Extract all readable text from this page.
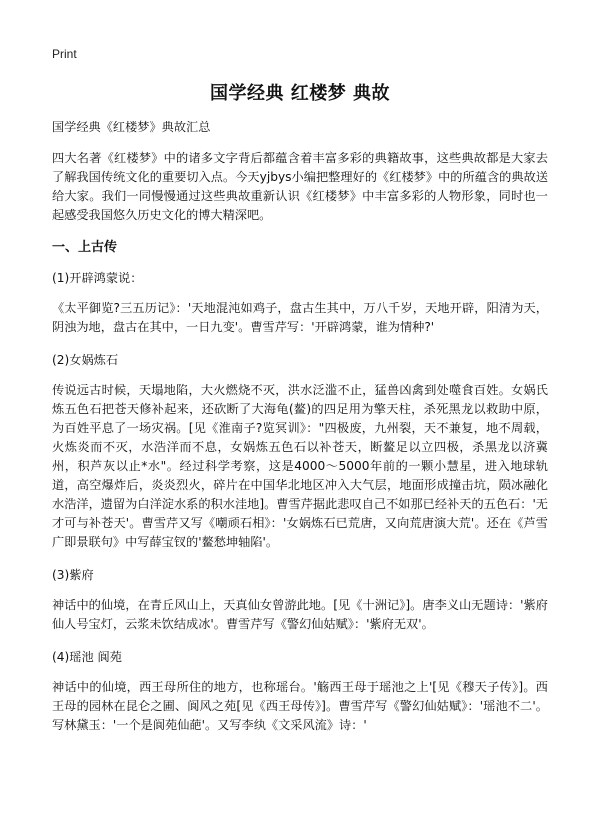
Print
国学经典 红楼梦 典故

国学经典《红楼梦》典故汇总

四大名著《红楼梦》中的诸多文字背后都蕴含着丰富多彩的典籍故事，这些典故都是大家去了解我国传统文化的重要切入点。今天yjbys小编把整理好的《红楼梦》中的所蕴含的典故送给大家。我们一同慢慢通过这些典故重新认识《红楼梦》中丰富多彩的人物形象，同时也一起感受我国悠久历史文化的博大精深吧。

一、上古传
(1)开辟鸿蒙说：

《太平御览?三五历记》：'天地混沌如鸡子，盘古生其中，万八千岁，天地开辟，阳清为天，阴浊为地，盘古在其中，一日九变'。曹雪芹写：'开辟鸿蒙，谁为情种?'

(2)女娲炼石

传说远古时候，天塌地陷，大火燃烧不灭，洪水泛滥不止，猛兽凶禽到处噬食百姓。女娲氏炼五色石把苍天修补起来，还砍断了大海龟(鳌)的四足用为擎天柱，杀死黑龙以救助中原，为百姓平息了一场灾祸。[见《淮南子?览冥训》："四极废，九州裂，天不兼复，地不周载，火炼炎而不灭，水浩洋而不息，女娲炼五色石以补苍天，断鳌足以立四极，杀黑龙以济冀州，积芦灰以止*水"。经过科学考察，这是4000～5000年前的一颗小慧星，进入地球轨道，高空爆炸后，炎炎烈火，碎片在中国华北地区冲入大气层，地面形成撞击坑，陨冰融化水浩洋，遗留为白洋淀水系的积水洼地]。曹雪芹据此悲叹自己不如那已经补天的五色石：'无才可与补苍天'。曹雪芹又写《嘲顽石相》：'女娲炼石已荒唐，又向荒唐演大荒'。还在《芦雪广即景联句》中写薛宝钗的'鳌愁坤轴陷'。

(3)紫府

神话中的仙境，在青丘风山上，天真仙女曾游此地。[见《十洲记》]。唐李义山无题诗：'紫府仙人号宝灯，云浆未饮结成冰'。曹雪芹写《警幻仙姑赋》：'紫府无双'。

(4)瑶池 阆苑

神话中的仙境，西王母所住的地方，也称瑶台。'觞西王母于瑶池之上'[见《穆天子传》]。西王母的园林在昆仑之圃、阆风之苑[见《西王母传》]。曹雪芹写《警幻仙姑赋》：'瑶池不二'。写林黛玉：'一个是阆苑仙葩'。又写李纨《文采风流》诗：'
